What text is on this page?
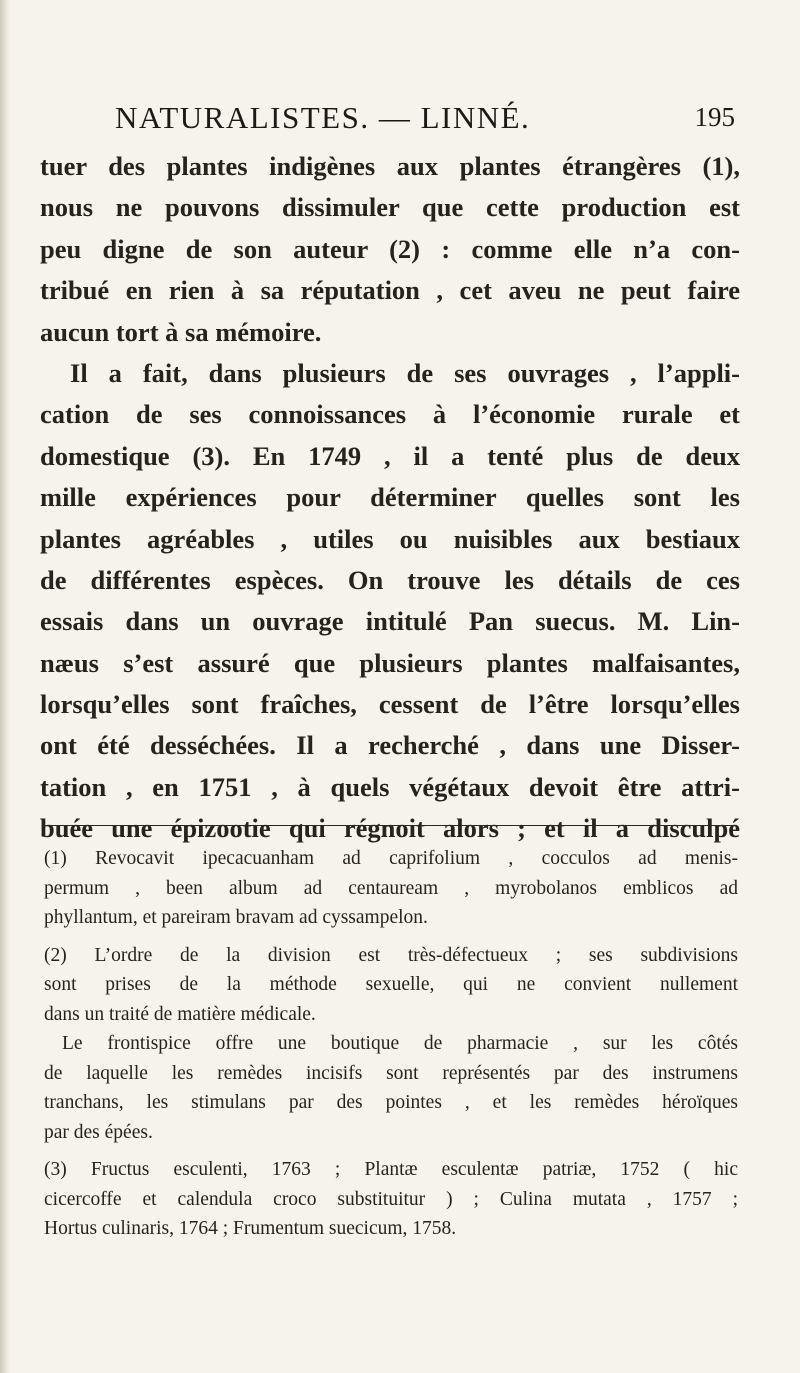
NATURALISTES. — LINNÉ.	195
tuer des plantes indigènes aux plantes étrangères (1),
nous ne pouvons dissimuler que cette production est
peu digne de son auteur (2) : comme elle n’a con-
tribué en rien à sa réputation , cet aveu ne peut faire
aucun tort à sa mémoire.
Il a fait, dans plusieurs de ses ouvrages , l’appli-
cation de ses connoissances à l’économie rurale et
domestique (3). En 1749 , il a tenté plus de deux
mille expériences pour déterminer quelles sont les
plantes agréables , utiles ou nuisibles aux bestiaux
de différentes espèces. On trouve les détails de ces
essais dans un ouvrage intitulé Pan suecus. M. Lin-
næus s’est assuré que plusieurs plantes malfaisantes,
lorsqu’elles sont fraîches, cessent de l’être lorsqu’elles
ont été desséchées. Il a recherché , dans une Disser-
tation , en 1751 , à quels végétaux devoit être attri-
buée une épizootie qui régnoit alors ; et il a disculpé
(1) Revocavit ipecacuanham ad caprifolium , cocculos ad menis-
permum , been album ad centauream , myrobolanos emblicos ad
phyllantum, et pareiram bravam ad cyssampelon.
(2) L’ordre de la division est très-défectueux ; ses subdivisions
sont prises de la méthode sexuelle, qui ne convient nullement
dans un traité de matière médicale.
Le frontispice offre une boutique de pharmacie , sur les côtés
de laquelle les remèdes incisifs sont représentés par des instrumens
tranchans, les stimulans par des pointes , et les remèdes héroïques
par des épées.
(3) Fructus esculenti, 1763 ; Plantæ esculentæ patriæ, 1752 ( hic
cicercoffe et calendula croco substituitur ) ; Culina mutata , 1757 ;
Hortus culinaris, 1764 ; Frumentum suecicum, 1758.
